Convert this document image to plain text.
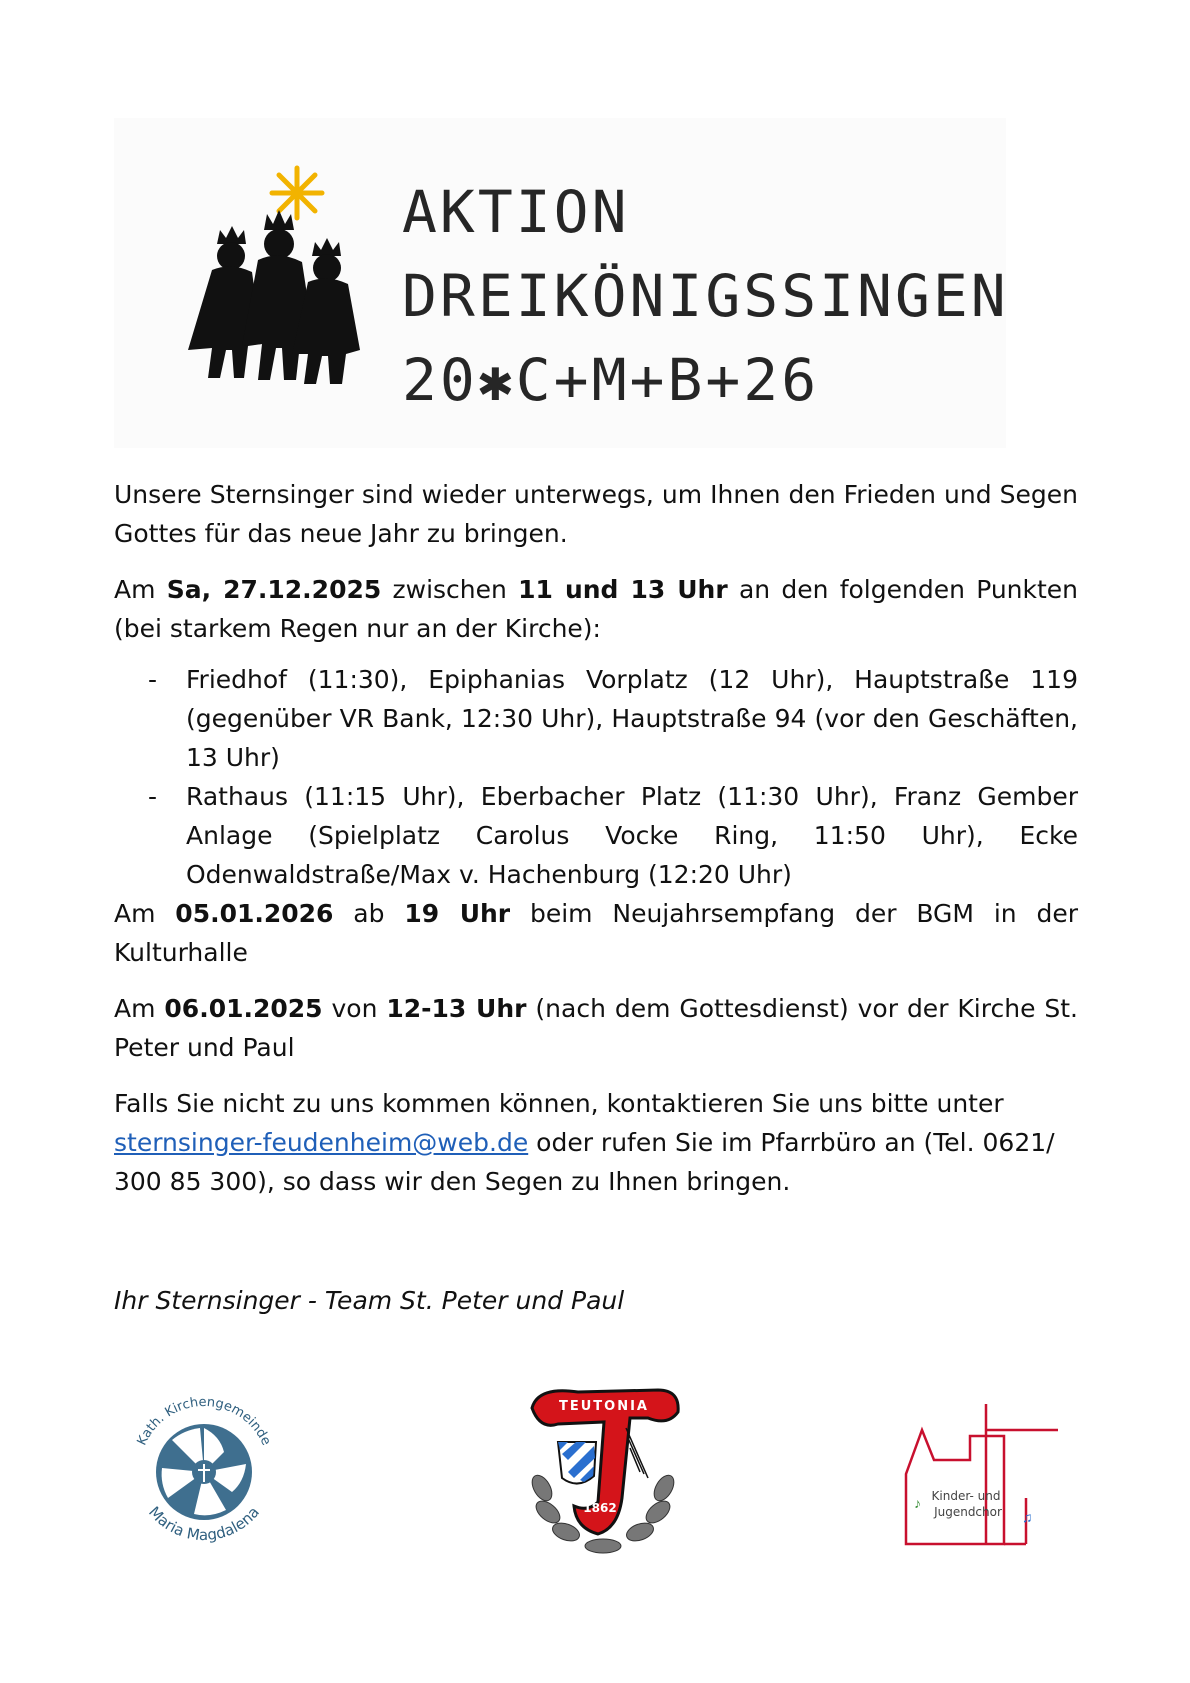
AKTION
DREIKÖNIGSSINGEN
20✱C+M+B+26

Unsere Sternsinger sind wieder unterwegs, um Ihnen den Frieden und Segen Gottes für das neue Jahr zu bringen.

Am Sa, 27.12.2025 zwischen 11 und 13 Uhr an den folgenden Punkten (bei starkem Regen nur an der Kirche):

- Friedhof (11:30), Epiphanias Vorplatz (12 Uhr), Hauptstraße 119 (gegenüber VR Bank, 12:30 Uhr), Hauptstraße 94 (vor den Geschäften, 13 Uhr)
- Rathaus (11:15 Uhr), Eberbacher Platz (11:30 Uhr), Franz Gember Anlage (Spielplatz Carolus Vocke Ring, 11:50 Uhr), Ecke Odenwaldstraße/Max v. Hachenburg (12:20 Uhr)

Am 05.01.2026 ab 19 Uhr beim Neujahrsempfang der BGM in der Kulturhalle

Am 06.01.2025 von 12-13 Uhr (nach dem Gottesdienst) vor der Kirche St. Peter und Paul

Falls Sie nicht zu uns kommen können, kontaktieren Sie uns bitte unter sternsinger-feudenheim@web.de oder rufen Sie im Pfarrbüro an (Tel. 0621/ 300 85 300), so dass wir den Segen zu Ihnen bringen.

Ihr Sternsinger - Team St. Peter und Paul
Kath. Kirchengemeinde
Maria Magdalena
TEUTONIA
1862	♪
♫
Kinder- und
Jugendchor
